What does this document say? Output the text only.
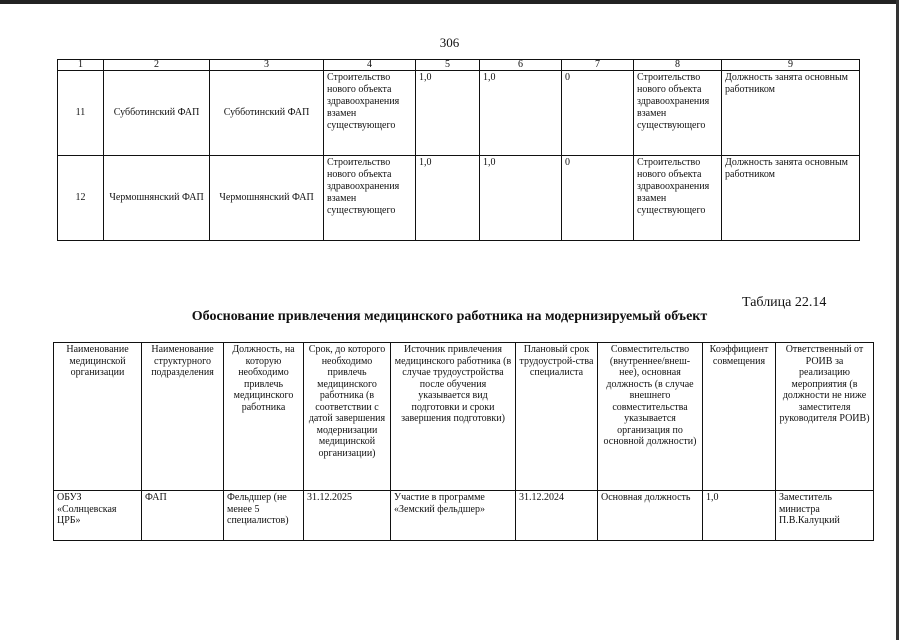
306
1	2	3	4	5	6	7	8	9
11	Субботинский ФАП	Субботинский ФАП	Строительство нового объекта здравоохранения взамен существующего	1,0	1,0	0	Строительство нового объекта здравоохранения взамен существующего	Должность занята основным работником
12	Чермошнянский ФАП	Чермошнянский ФАП	Строительство нового объекта здравоохранения взамен существующего	1,0	1,0	0	Строительство нового объекта здравоохранения взамен существующего	Должность занята основным работником
Таблица 22.14
Обоснование привлечения медицинского работника на модернизируемый объект
Наименование медицинской организации	Наименование структурного подразделения	Должность, на которую необходимо привлечь медицинского работника	Срок, до которого необходимо привлечь медицинского работника (в соответствии с датой завершения модернизации медицинской организации)	Источник привлечения медицинского работника (в случае трудоустройства после обучения указывается вид подготовки и сроки завершения подготовки)	Плановый срок трудоустрой-ства специалиста	Совместительство (внутреннее/внеш-нее), основная должность (в случае внешнего совместительства указывается организация по основной должности)	Коэффициент совмещения	Ответственный от РОИВ за реализацию мероприятия (в должности не ниже заместителя руководителя РОИВ)
ОБУЗ «Солнцевская ЦРБ»	ФАП	Фельдшер (не менее 5 специалистов)	31.12.2025	Участие в программе «Земский фельдшер»	31.12.2024	Основная должность	1,0	Заместитель министра П.В.Калуцкий
